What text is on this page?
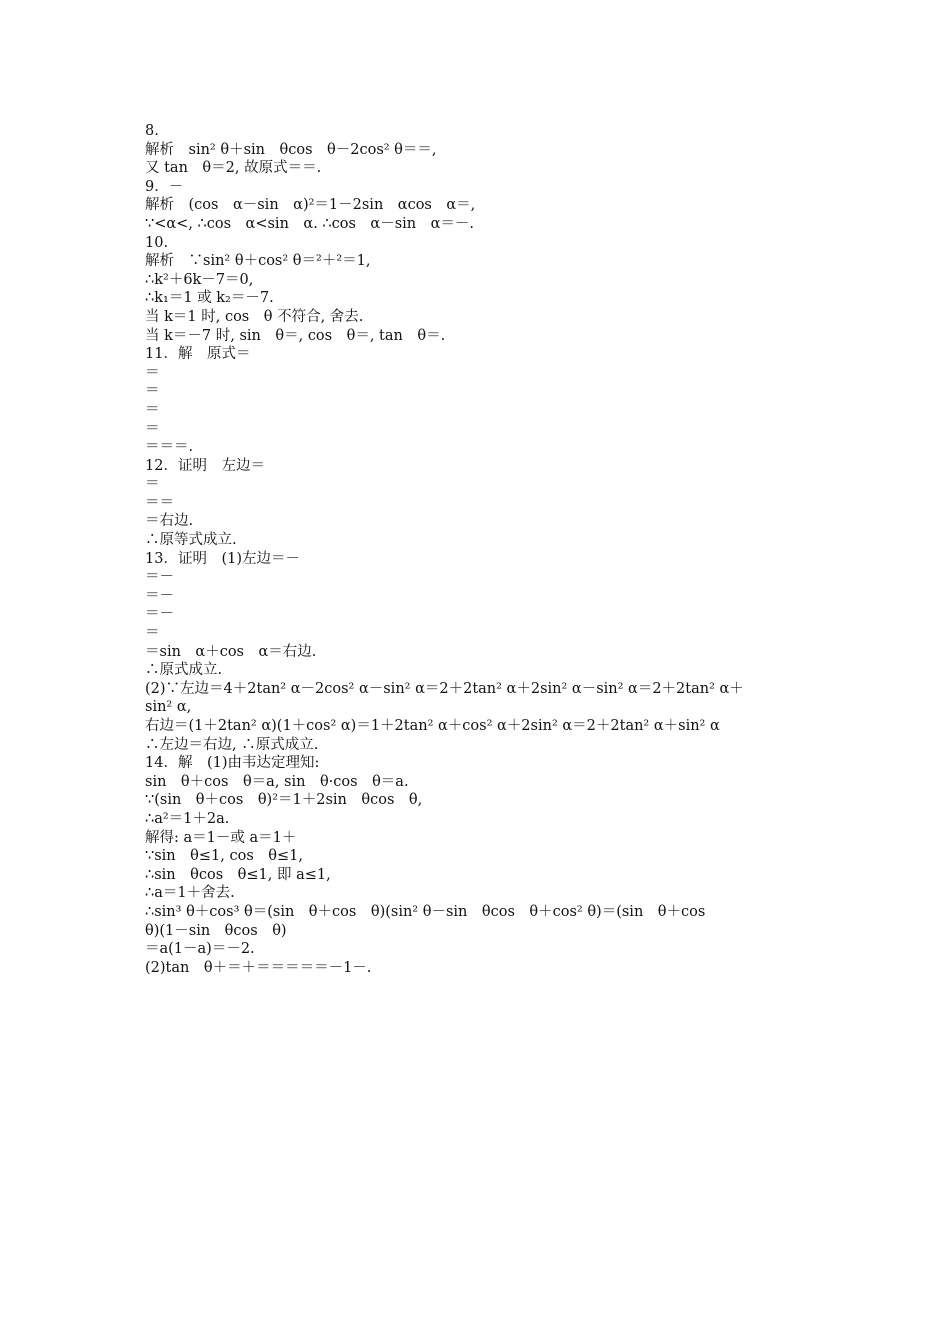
8.
解析　sin² θ＋sin　θcos　θ－2cos² θ＝＝,
又 tan　θ＝2, 故原式＝＝.
9．－
解析　(cos　α－sin　α)²＝1－2sin　αcos　α＝,
∵<α<, ∴cos　α<sin　α. ∴cos　α－sin　α＝－.
10.
解析　∵sin² θ＋cos² θ＝²＋²＝1,
∴k²＋6k－7＝0,
∴k₁＝1 或 k₂＝－7.
当 k＝1 时, cos　θ 不符合, 舍去.
当 k＝－7 时, sin　θ＝, cos　θ＝, tan　θ＝.
11．解　原式＝
＝
＝
＝
＝
＝＝＝.
12．证明　左边＝
＝
＝＝
＝右边.
∴原等式成立.
13．证明　(1)左边＝－
＝－
＝－
＝－
＝
＝sin　α＋cos　α＝右边.
∴原式成立.
(2)∵左边＝4＋2tan² α－2cos² α－sin² α＝2＋2tan² α＋2sin² α－sin² α＝2＋2tan² α＋
sin² α,
右边＝(1＋2tan² α)(1＋cos² α)＝1＋2tan² α＋cos² α＋2sin² α＝2＋2tan² α＋sin² α
∴左边＝右边, ∴原式成立.
14．解　(1)由韦达定理知:
sin　θ＋cos　θ＝a, sin　θ·cos　θ＝a.
∵(sin　θ＋cos　θ)²＝1＋2sin　θcos　θ,
∴a²＝1＋2a.
解得: a＝1－或 a＝1＋
∵sin　θ≤1, cos　θ≤1,
∴sin　θcos　θ≤1, 即 a≤1,
∴a＝1＋舍去.
∴sin³ θ＋cos³ θ＝(sin　θ＋cos　θ)(sin² θ－sin　θcos　θ＋cos² θ)＝(sin　θ＋cos
θ)(1－sin　θcos　θ)
＝a(1－a)＝－2.
(2)tan　θ＋＝＋＝＝＝＝＝－1－.
